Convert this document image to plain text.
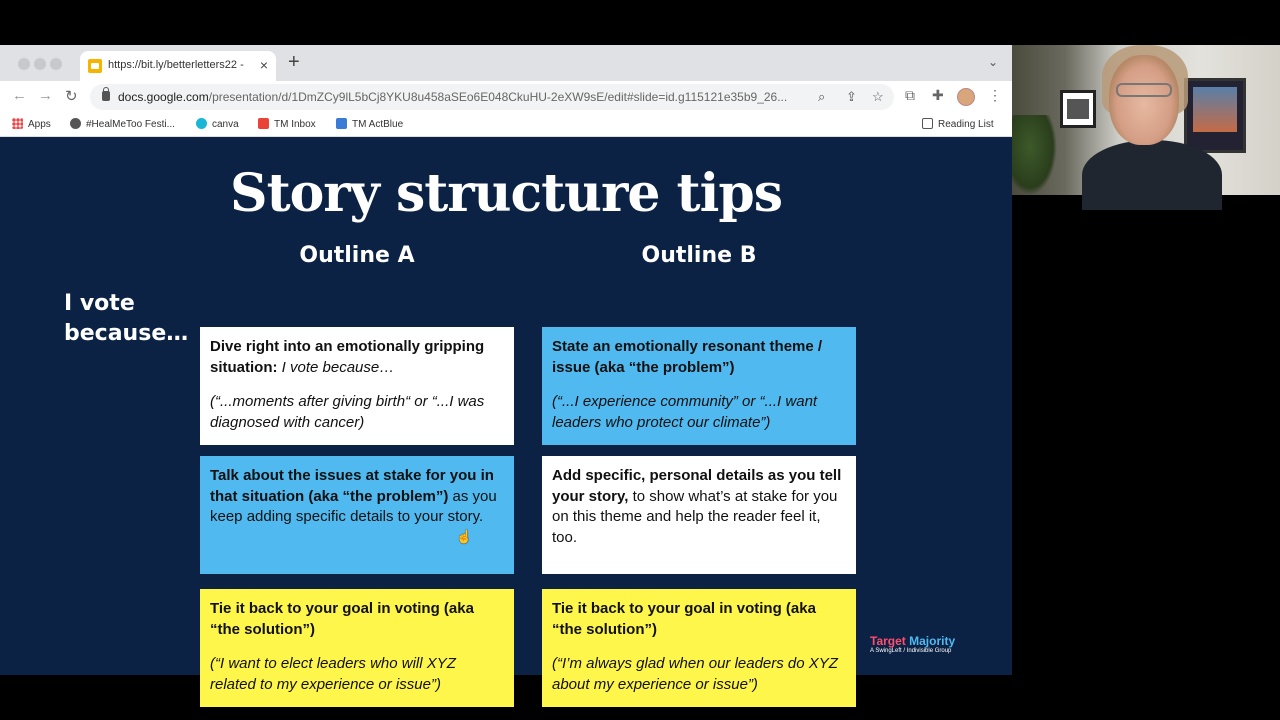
https://bit.ly/betterletters22 -	× +	⌄
← → ↻	docs.google.com/presentation/d/1DmZCy9lL5bCj8YKU8u458aSEo6E048CkuHU-2eXW9sE/edit#slide=id.g115121e35b9_26...	⌕ ⇪ ☆ ⧉ ✚	⋮
Apps	#HealMeToo Festi...	canva	TM Inbox	TM ActBlue	Reading List
Story structure tips
Outline A	Outline B
I vote
because…
Dive right into an emotionally gripping situation: I vote because…
(“...moments after giving birth“ or “...I was diagnosed with cancer)
Talk about the issues at stake for you in that situation (aka “the problem”) as you keep adding specific details to your story.
Tie it back to your goal in voting (aka “the solution”)
(“I want to elect leaders who will XYZ related to my experience or issue”)
State an emotionally resonant theme / issue (aka “the problem”)
(“...I experience community” or “...I want leaders who protect our climate”)
Add specific, personal details as you tell your story, to show what’s at stake for you on this theme and help the reader feel it, too.
Tie it back to your goal in voting (aka “the solution”)
(“I’m always glad when our leaders do XYZ about my experience or issue”)
Target Majority
A SwingLeft / Indivisible Group
☝
